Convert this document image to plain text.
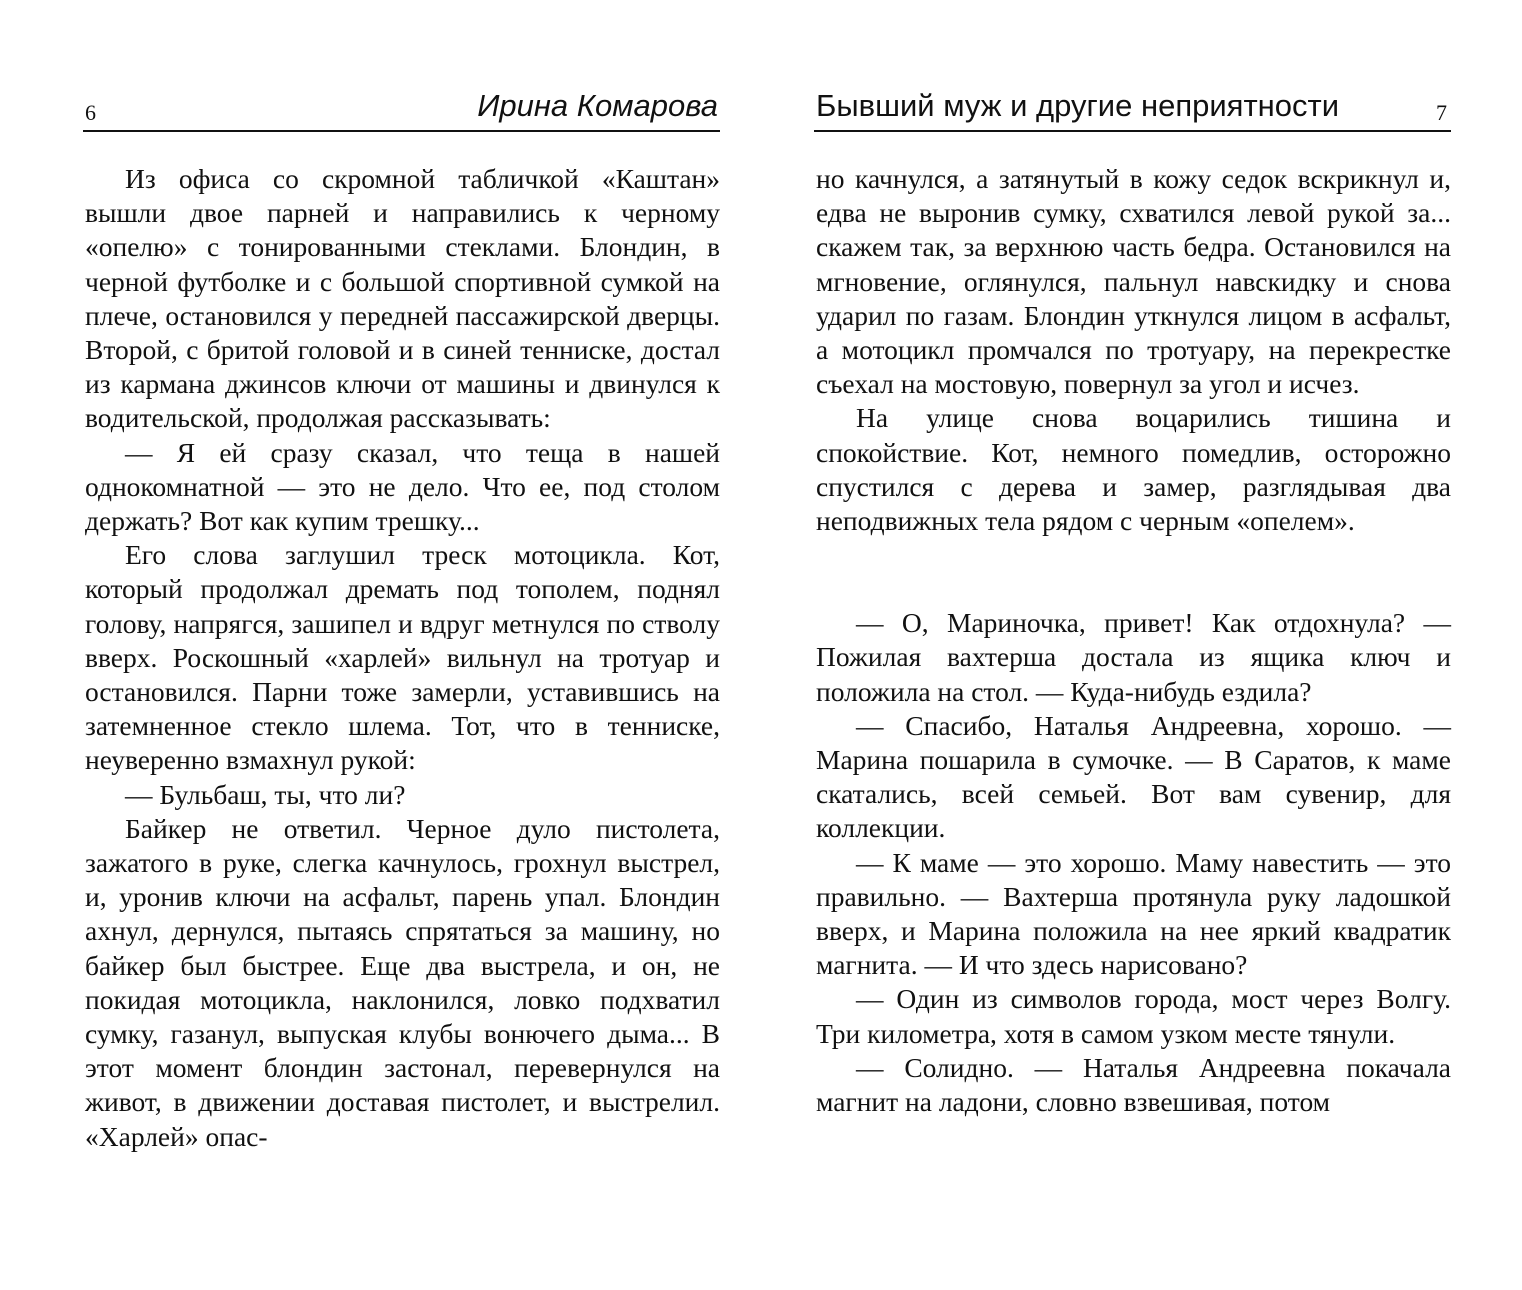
6	Ирина Комарова

Из офиса со скромной табличкой «Каштан» вышли двое парней и направились к черному «опелю» с тонированными стеклами. Блондин, в черной футболке и с большой спортивной сумкой на плече, остановился у передней пассажирской дверцы. Второй, с бритой головой и в синей тенниске, достал из кармана джинсов ключи от машины и двинулся к водительской, продолжая рассказывать:

— Я ей сразу сказал, что теща в нашей однокомнатной — это не дело. Что ее, под столом держать? Вот как купим трешку...

Его слова заглушил треск мотоцикла. Кот, который продолжал дремать под тополем, поднял голову, напрягся, зашипел и вдруг метнулся по стволу вверх. Роскошный «харлей» вильнул на тротуар и остановился. Парни тоже замерли, уставившись на затемненное стекло шлема. Тот, что в тенниске, неуверенно взмахнул рукой:

— Бульбаш, ты, что ли?

Байкер не ответил. Черное дуло пистолета, зажатого в руке, слегка качнулось, грохнул выстрел, и, уронив ключи на асфальт, парень упал. Блондин ахнул, дернулся, пытаясь спрятаться за машину, но байкер был быстрее. Еще два выстрела, и он, не покидая мотоцикла, наклонился, ловко подхватил сумку, газанул, выпуская клубы вонючего дыма... В этот момент блондин застонал, перевернулся на живот, в движении доставая пистолет, и выстрелил. «Харлей» опас-

Бывший муж и другие неприятности	7

но качнулся, а затянутый в кожу седок вскрикнул и, едва не выронив сумку, схватился левой рукой за... скажем так, за верхнюю часть бедра. Остановился на мгновение, оглянулся, пальнул навскидку и снова ударил по газам. Блондин уткнулся лицом в асфальт, а мотоцикл промчался по тротуару, на перекрестке съехал на мостовую, повернул за угол и исчез.

На улице снова воцарились тишина и спокойствие. Кот, немного помедлив, осторожно спустился с дерева и замер, разглядывая два неподвижных тела рядом с черным «опелем».

— О, Мариночка, привет! Как отдохнула? — Пожилая вахтерша достала из ящика ключ и положила на стол. — Куда-нибудь ездила?

— Спасибо, Наталья Андреевна, хорошо. — Марина пошарила в сумочке. — В Саратов, к маме скатались, всей семьей. Вот вам сувенир, для коллекции.

— К маме — это хорошо. Маму навестить — это правильно. — Вахтерша протянула руку ладошкой вверх, и Марина положила на нее яркий квадратик магнита. — И что здесь нарисовано?

— Один из символов города, мост через Волгу. Три километра, хотя в самом узком месте тянули.

— Солидно. — Наталья Андреевна покачала магнит на ладони, словно взвешивая, потом
